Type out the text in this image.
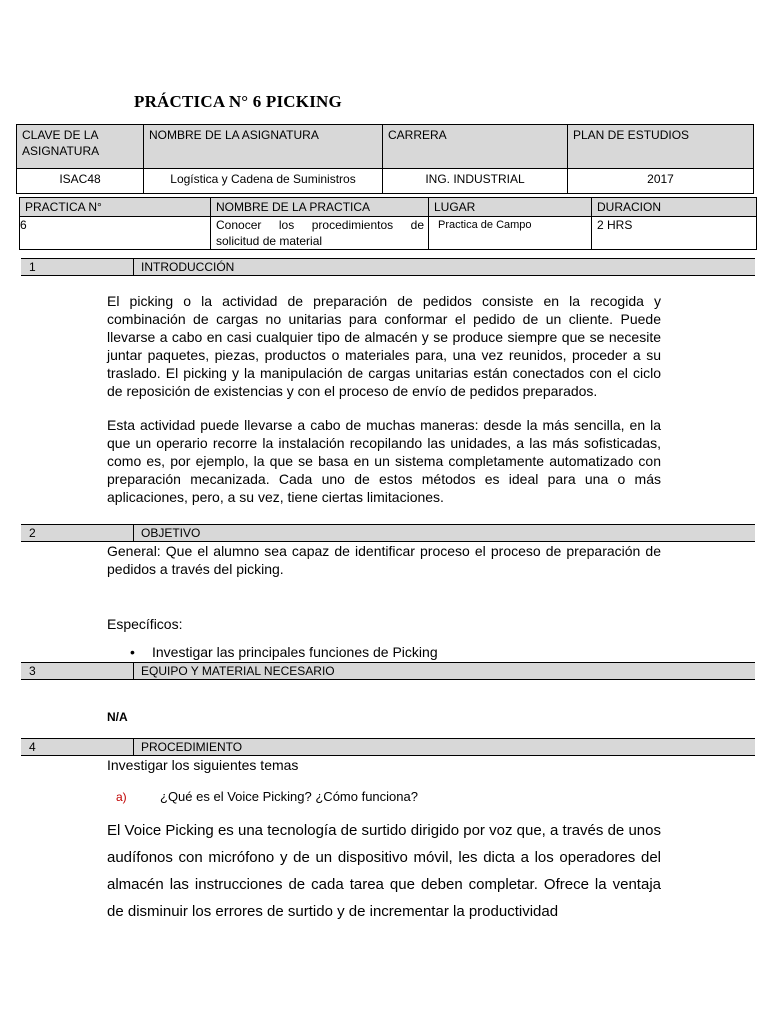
PRÁCTICA N° 6 PICKING
CLAVE DE LA ASIGNATURA	NOMBRE DE LA ASIGNATURA	CARRERA	PLAN DE ESTUDIOS
ISAC48	Logística y Cadena de Suministros	ING. INDUSTRIAL	2017
PRACTICA N°	NOMBRE DE LA PRACTICA	LUGAR	DURACION
6	Conocer los procedimientos de solicitud de material	Practica de Campo	2 HRS
1	INTRODUCCIÓN
El picking o la actividad de preparación de pedidos consiste en la recogida y combinación de cargas no unitarias para conformar el pedido de un cliente. Puede llevarse a cabo en casi cualquier tipo de almacén y se produce siempre que se necesite juntar paquetes, piezas, productos o materiales para, una vez reunidos, proceder a su traslado. El picking y la manipulación de cargas unitarias están conectados con el ciclo de reposición de existencias y con el proceso de envío de pedidos preparados.
Esta actividad puede llevarse a cabo de muchas maneras: desde la más sencilla, en la que un operario recorre la instalación recopilando las unidades, a las más sofisticadas, como es, por ejemplo, la que se basa en un sistema completamente automatizado con preparación mecanizada. Cada uno de estos métodos es ideal para una o más aplicaciones, pero, a su vez, tiene ciertas limitaciones.
2	OBJETIVO
General: Que el alumno sea capaz de identificar proceso el proceso de preparación de pedidos a través del picking.
Específicos:
• Investigar las principales funciones de Picking
3	EQUIPO Y MATERIAL NECESARIO
N/A
4	PROCEDIMIENTO
Investigar los siguientes temas
a)	¿Qué es el Voice Picking? ¿Cómo funciona?
El Voice Picking es una tecnología de surtido dirigido por voz que, a través de unos audífonos con micrófono y de un dispositivo móvil, les dicta a los operadores del almacén las instrucciones de cada tarea que deben completar. Ofrece la ventaja de disminuir los errores de surtido y de incrementar la productividad
